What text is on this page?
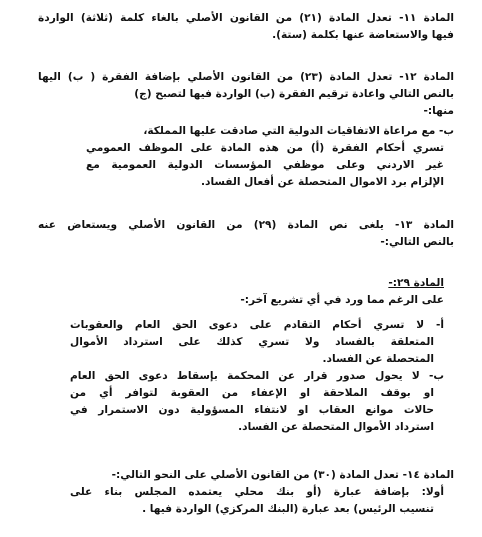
المادة ١١- تعدل المادة (٢١) من القانون الأصلي بالغاء كلمة (ثلاثة) الواردة
فيها والاستعاضة عنها بكلمة (ستة).
المادة ١٢- تعدل المادة (٢٣) من القانون الأصلي بإضافة الفقرة ( ب) اليها
بالنص التالي واعادة ترقيم الفقرة (ب) الواردة فيها لتصبح (ج)
منها:-
ب- مع مراعاة الاتفاقيات الدولية التي صادقت عليها المملكة،
تسري أحكام الفقرة (أ) من هذه المادة على الموظف العمومي
غير الاردني وعلى موظفي المؤسسات الدولية العمومية مع
الإلزام برد الاموال المتحصلة عن أفعال الفساد.
المادة ١٣- يلغى نص المادة (٢٩) من القانون الأصلي ويستعاض عنه
بالنص التالي:-
المادة ٢٩:-
على الرغم مما ورد في أي تشريع آخر:-
أ- لا تسري أحكام التقادم على دعوى الحق العام والعقوبات
المتعلقة بالفساد ولا تسري كذلك على استرداد الأموال
المتحصلة عن الفساد.
ب- لا يحول صدور قرار عن المحكمة بإسقاط دعوى الحق العام
او بوقف الملاحقة او الإعفاء من العقوبة لتوافر أي من
حالات موانع العقاب او لانتفاء المسؤولية دون الاستمرار في
استرداد الأموال المتحصلة عن الفساد.
المادة ١٤- تعدل المادة (٣٠) من القانون الأصلي على النحو التالي:-
أولا: بإضافة عبارة (أو بنك محلي يعتمده المجلس بناء على
تنسيب الرئيس) بعد عبارة (البنك المركزي) الواردة فيها .
